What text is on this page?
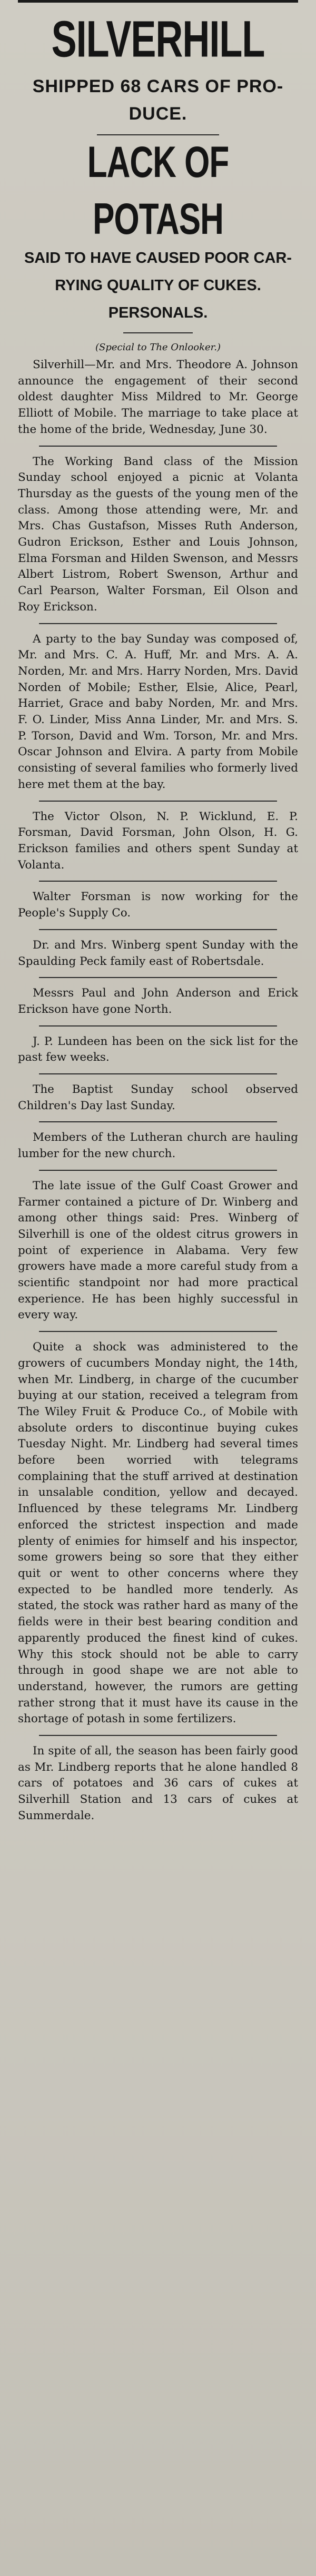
SILVERHILL
SHIPPED 68 CARS OF PRO-
DUCE.
LACK OF POTASH
SAID TO HAVE CAUSED POOR CAR-
RYING QUALITY OF CUKES.
PERSONALS.
(Special to The Onlooker.)
Silverhill—Mr. and Mrs. Theodore A. Johnson announce the engagement of their second oldest daughter Miss Mildred to Mr. George Elliott of Mobile. The marriage to take place at the home of the bride, Wednesday, June 30.
The Working Band class of the Mission Sunday school enjoyed a picnic at Volanta Thursday as the guests of the young men of the class. Among those attending were, Mr. and Mrs. Chas Gustafson, Misses Ruth Anderson, Gudron Erickson, Esther and Louis Johnson, Elma Forsman and Hilden Swenson, and Messrs Albert Listrom, Robert Swenson, Arthur and Carl Pearson, Walter Forsman, Eil Olson and Roy Erickson.
A party to the bay Sunday was composed of, Mr. and Mrs. C. A. Huff, Mr. and Mrs. A. A. Norden, Mr. and Mrs. Harry Norden, Mrs. David Norden of Mobile; Esther, Elsie, Alice, Pearl, Harriet, Grace and baby Norden, Mr. and Mrs. F. O. Linder, Miss Anna Linder, Mr. and Mrs. S. P. Torson, David and Wm. Torson, Mr. and Mrs. Oscar Johnson and Elvira. A party from Mobile consisting of several families who formerly lived here met them at the bay.
The Victor Olson, N. P. Wicklund, E. P. Forsman, David Forsman, John Olson, H. G. Erickson families and others spent Sunday at Volanta.
Walter Forsman is now working for the People's Supply Co.
Dr. and Mrs. Winberg spent Sunday with the Spaulding Peck family east of Robertsdale.
Messrs Paul and John Anderson and Erick Erickson have gone North.
J. P. Lundeen has been on the sick list for the past few weeks.
The Baptist Sunday school observed Children's Day last Sunday.
Members of the Lutheran church are hauling lumber for the new church.
The late issue of the Gulf Coast Grower and Farmer contained a picture of Dr. Winberg and among other things said: Pres. Winberg of Silverhill is one of the oldest citrus growers in point of experience in Alabama. Very few growers have made a more careful study from a scientific standpoint nor had more practical experience. He has been highly successful in every way.
Quite a shock was administered to the growers of cucumbers Monday night, the 14th, when Mr. Lindberg, in charge of the cucumber buying at our station, received a telegram from The Wiley Fruit & Produce Co., of Mobile with absolute orders to discontinue buying cukes Tuesday Night. Mr. Lindberg had several times before been worried with telegrams complaining that the stuff arrived at destination in unsalable condition, yellow and decayed. Influenced by these telegrams Mr. Lindberg enforced the strictest inspection and made plenty of enimies for himself and his inspector, some growers being so sore that they either quit or went to other concerns where they expected to be handled more tenderly. As stated, the stock was rather hard as many of the fields were in their best bearing condition and apparently produced the finest kind of cukes. Why this stock should not be able to carry through in good shape we are not able to understand, however, the rumors are getting rather strong that it must have its cause in the shortage of potash in some fertilizers.
In spite of all, the season has been fairly good as Mr. Lindberg reports that he alone handled 8 cars of potatoes and 36 cars of cukes at Silverhill Station and 13 cars of cukes at Summerdale.
